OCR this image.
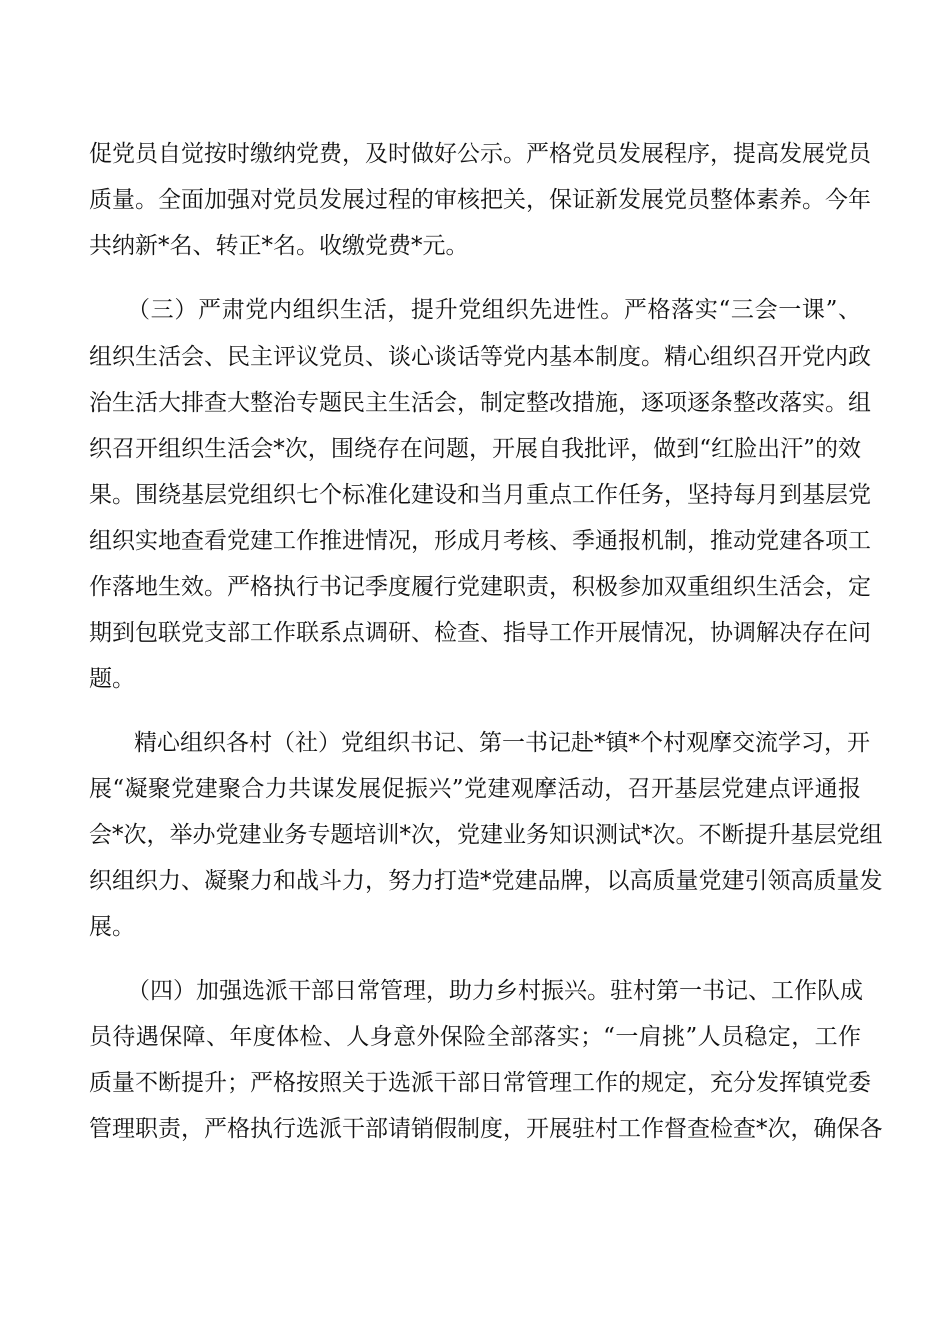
促党员自觉按时缴纳党费，及时做好公示。严格党员发展程序，提高发展党员
质量。全面加强对党员发展过程的审核把关，保证新发展党员整体素养。今年
共纳新*名、转正*名。收缴党费*元。
（三）严肃党内组织生活，提升党组织先进性。严格落实“三会一课”、
组织生活会、民主评议党员、谈心谈话等党内基本制度。精心组织召开党内政
治生活大排查大整治专题民主生活会，制定整改措施，逐项逐条整改落实。组
织召开组织生活会*次，围绕存在问题，开展自我批评，做到“红脸出汗”的效
果。围绕基层党组织七个标准化建设和当月重点工作任务，坚持每月到基层党
组织实地查看党建工作推进情况，形成月考核、季通报机制，推动党建各项工
作落地生效。严格执行书记季度履行党建职责，积极参加双重组织生活会，定
期到包联党支部工作联系点调研、检查、指导工作开展情况，协调解决存在问
题。
精心组织各村（社）党组织书记、第一书记赴*镇*个村观摩交流学习，开
展“凝聚党建聚合力共谋发展促振兴”党建观摩活动，召开基层党建点评通报
会*次，举办党建业务专题培训*次，党建业务知识测试*次。不断提升基层党组
织组织力、凝聚力和战斗力，努力打造*党建品牌，以高质量党建引领高质量发
展。
（四）加强选派干部日常管理，助力乡村振兴。驻村第一书记、工作队成
员待遇保障、年度体检、人身意外保险全部落实；“一肩挑”人员稳定，工作
质量不断提升；严格按照关于选派干部日常管理工作的规定，充分发挥镇党委
管理职责，严格执行选派干部请销假制度，开展驻村工作督查检查*次，确保各
